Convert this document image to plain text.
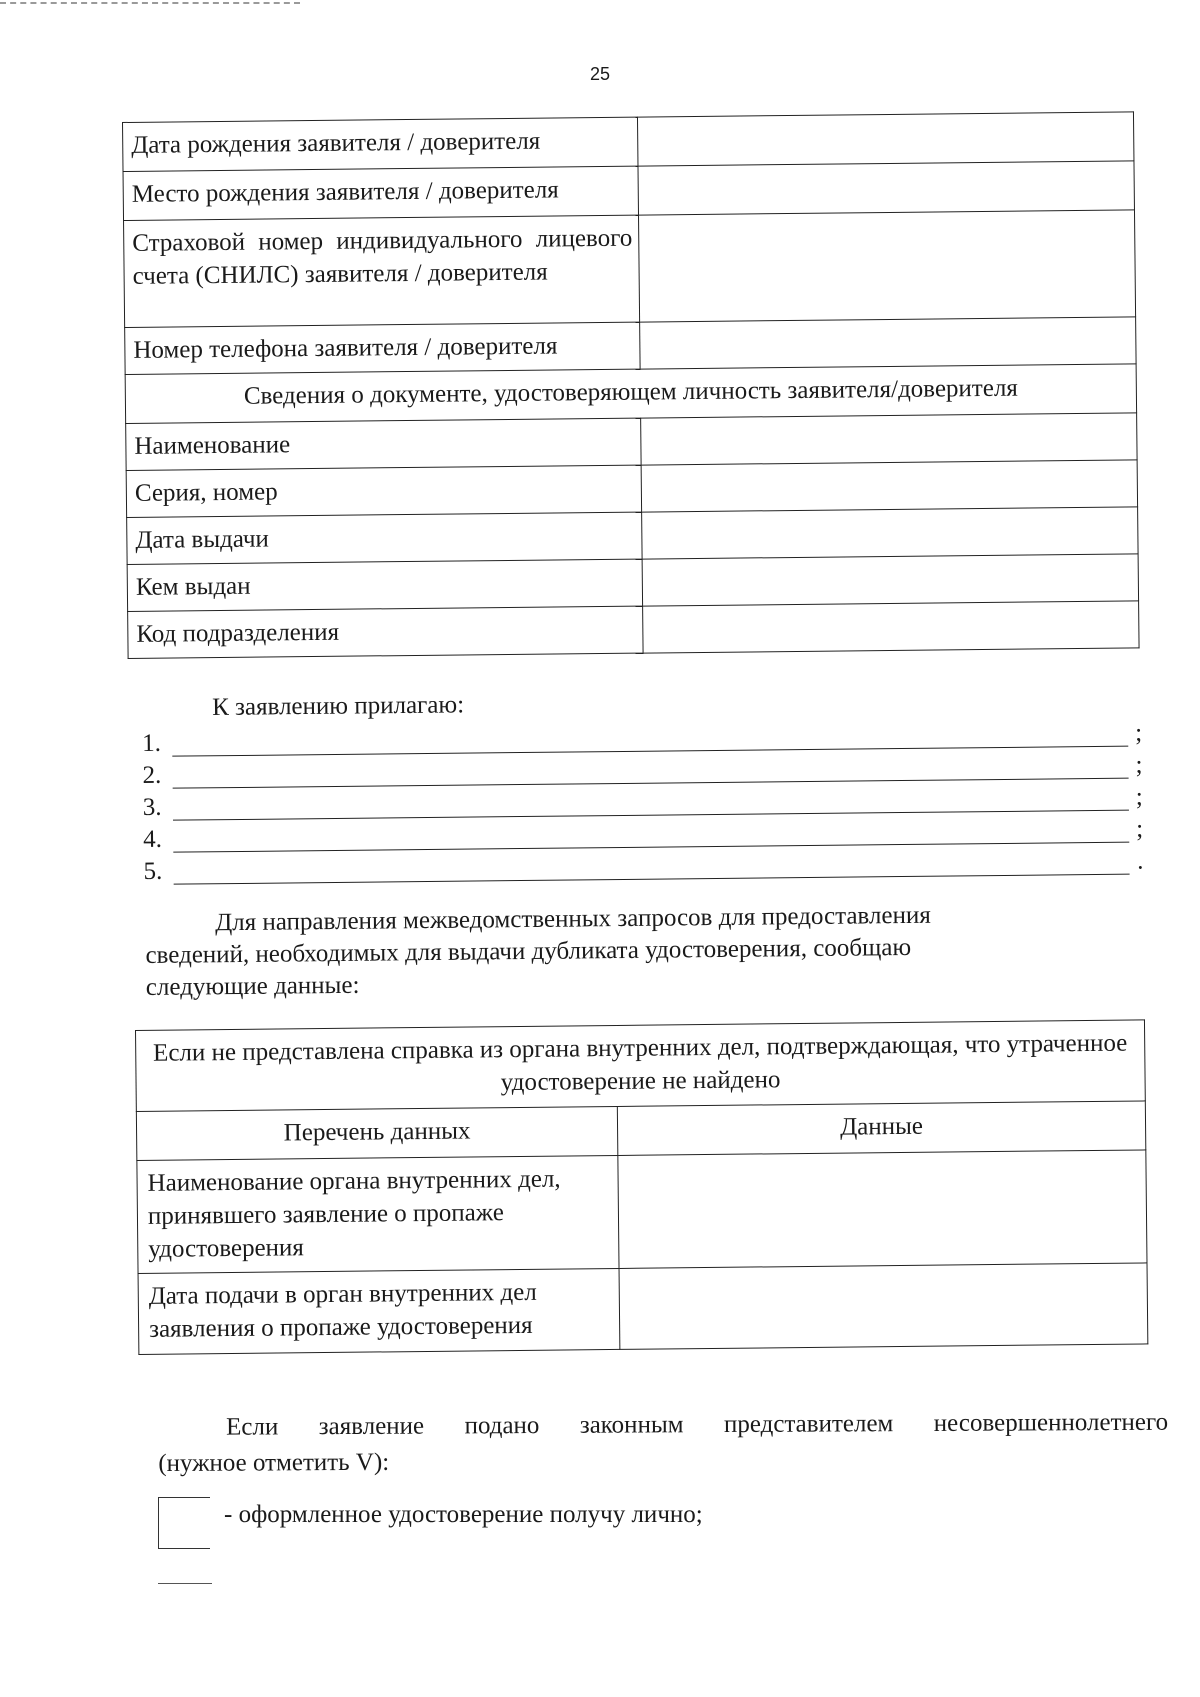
25
Дата рождения заявителя / доверителя	
Место рождения заявителя / доверителя	
Страховой номер индивидуального лицевого счета (СНИЛС) заявителя / доверителя	
Номер телефона заявителя / доверителя	
Сведения о документе, удостоверяющем личность заявителя/доверителя	
Наименование	
Серия, номер	
Дата выдачи	
Кем выдан	
Код подразделения	
К заявлению прилагаю:
1.	;
2.	;
3.	;
4.	;
5.	.
Для направления межведомственных запросов для предоставления сведений, необходимых для выдачи дубликата удостоверения, сообщаю следующие данные:
Если не представлена справка из органа внутренних дел, подтверждающая, что утраченное удостоверение не найдено	
Перечень данных	Данные
Наименование органа внутренних дел, принявшего заявление о пропаже удостоверения	
Дата подачи в орган внутренних дел заявления о пропаже удостоверения	
Если заявление подано законным представителем несовершеннолетнего
(нужное отметить V):
- оформленное удостоверение получу лично;
